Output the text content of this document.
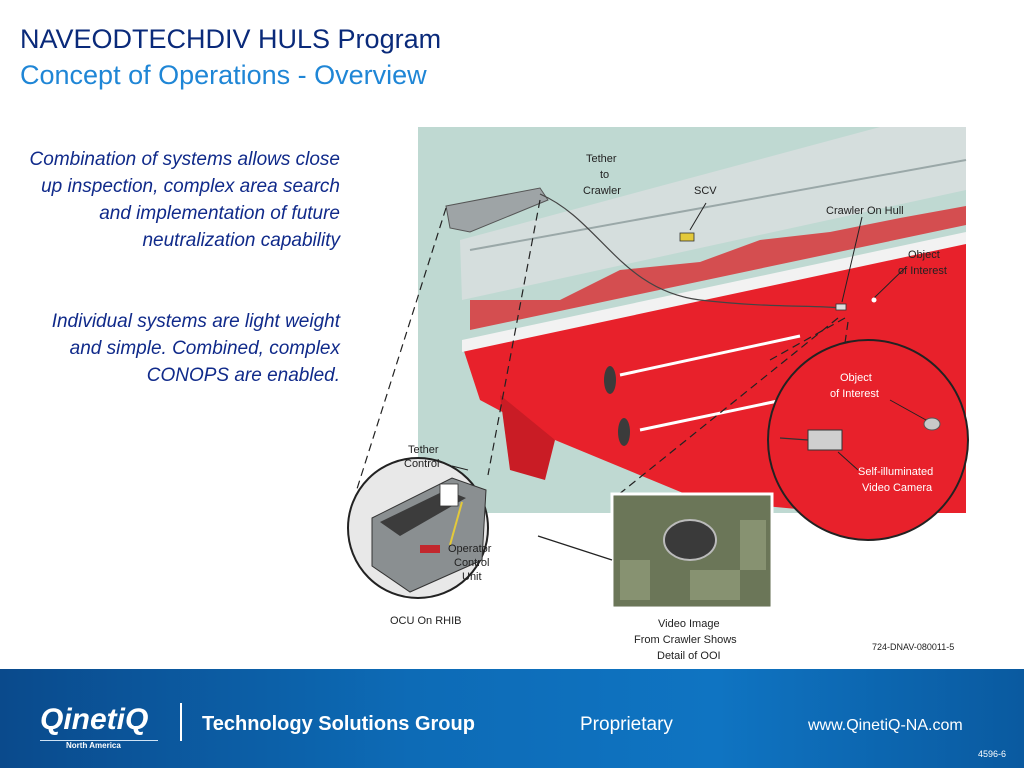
NAVEODTECHDIV HULS Program
Concept of Operations - Overview
Combination of systems allows close up inspection, complex area search and implementation of future neutralization capability
Individual systems are light weight and simple. Combined, complex CONOPS are enabled.
Tether
to
Crawler	SCV
Crawler On Hull
Object
of Interest
Object
of Interest
Self-illuminated
Video Camera
Tether
Control
Operator
Control
Unit
OCU On RHIB	Video Image
From Crawler Shows
Detail of OOI
724-DNAV-080011-5
QinetiQ
North America
Technology Solutions Group	Proprietary	www.QinetiQ-NA.com
4596-6
